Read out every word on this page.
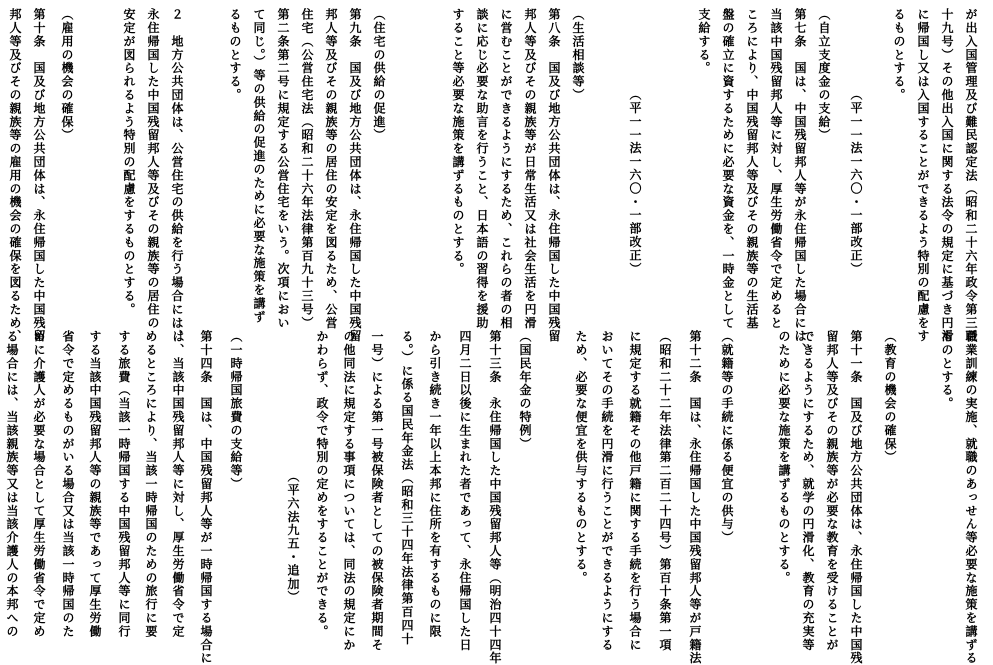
が出入国管理及び難民認定法（昭和二十六年政令第三百
十九号）その他出入国に関する法令の規定に基づき円滑
に帰国し又は入国することができるよう特別の配慮をす
るものとする。
（平一一法一六〇・一部改正）
（自立支度金の支給）
第七条　国は、中国残留邦人等が永住帰国した場合には、
当該中国残留邦人等に対し、厚生労働省令で定めると
ころにより、中国残留邦人等及びその親族等の生活基
盤の確立に資するために必要な資金を、一時金として
支給する。
（平一一法一六〇・一部改正）
（生活相談等）
第八条　国及び地方公共団体は、永住帰国した中国残留
邦人等及びその親族等が日常生活又は社会生活を円滑
に営むことができるようにするため、これらの者の相
談に応じ必要な助言を行うこと、日本語の習得を援助
すること等必要な施策を講ずるものとする。
（住宅の供給の促進）
第九条　国及び地方公共団体は、永住帰国した中国残留
邦人等及びその親族等の居住の安定を図るため、公営
住宅（公営住宅法（昭和二十六年法律第百九十三号）
第二条第二号に規定する公営住宅をいう。次項におい
て同じ。）等の供給の促進のために必要な施策を講ず
るものとする。
２　地方公共団体は、公営住宅の供給を行う場合には、
永住帰国した中国残留邦人等及びその親族等の居住の
安定が図られるよう特別の配慮をするものとする。
（雇用の機会の確保）
第十条　国及び地方公共団体は、永住帰国した中国残留
邦人等及びその親族等の雇用の機会の確保を図るため、
職業訓練の実施、就職のあっせん等必要な施策を講ずる
ものとする。
（教育の機会の確保）
第十一条　国及び地方公共団体は、永住帰国した中国残
留邦人等及びその親族等が必要な教育を受けることが
できるようにするため、就学の円滑化、教育の充実等
のために必要な施策を講ずるものとする。
（就籍等の手続に係る便宜の供与）
第十二条　国は、永住帰国した中国残留邦人等が戸籍法
（昭和二十二年法律第二百二十四号）第百十条第一項
に規定する就籍その他戸籍に関する手続を行う場合に
おいてその手続を円滑に行うことができるようにする
ため、必要な便宜を供与するものとする。
（国民年金の特例）
第十三条　永住帰国した中国残留邦人等（明治四十四年
四月二日以後に生まれた者であって、永住帰国した日
から引き続き一年以上本邦に住所を有するものに限
る。）に係る国民年金法（昭和三十四年法律第百四十
一号）による第一号被保険者としての被保険者期間そ
の他同法に規定する事項については、同法の規定にか
かわらず、政令で特別の定めをすることができる。
（平六法九五・追加）
（一時帰国旅費の支給等）
第十四条　国は、中国残留邦人等が一時帰国する場合に
は、当該中国残留邦人等に対し、厚生労働省令で定
めるところにより、当該一時帰国のための旅行に要
する旅費（当該一時帰国する中国残留邦人等に同行
する当該中国残留邦人等の親族等であって厚生労働
省令で定めるものがいる場合又は当該一時帰国のた
めに介護人が必要な場合として厚生労働省令で定め
る場合には、当該親族等又は当該介護人の本邦への
